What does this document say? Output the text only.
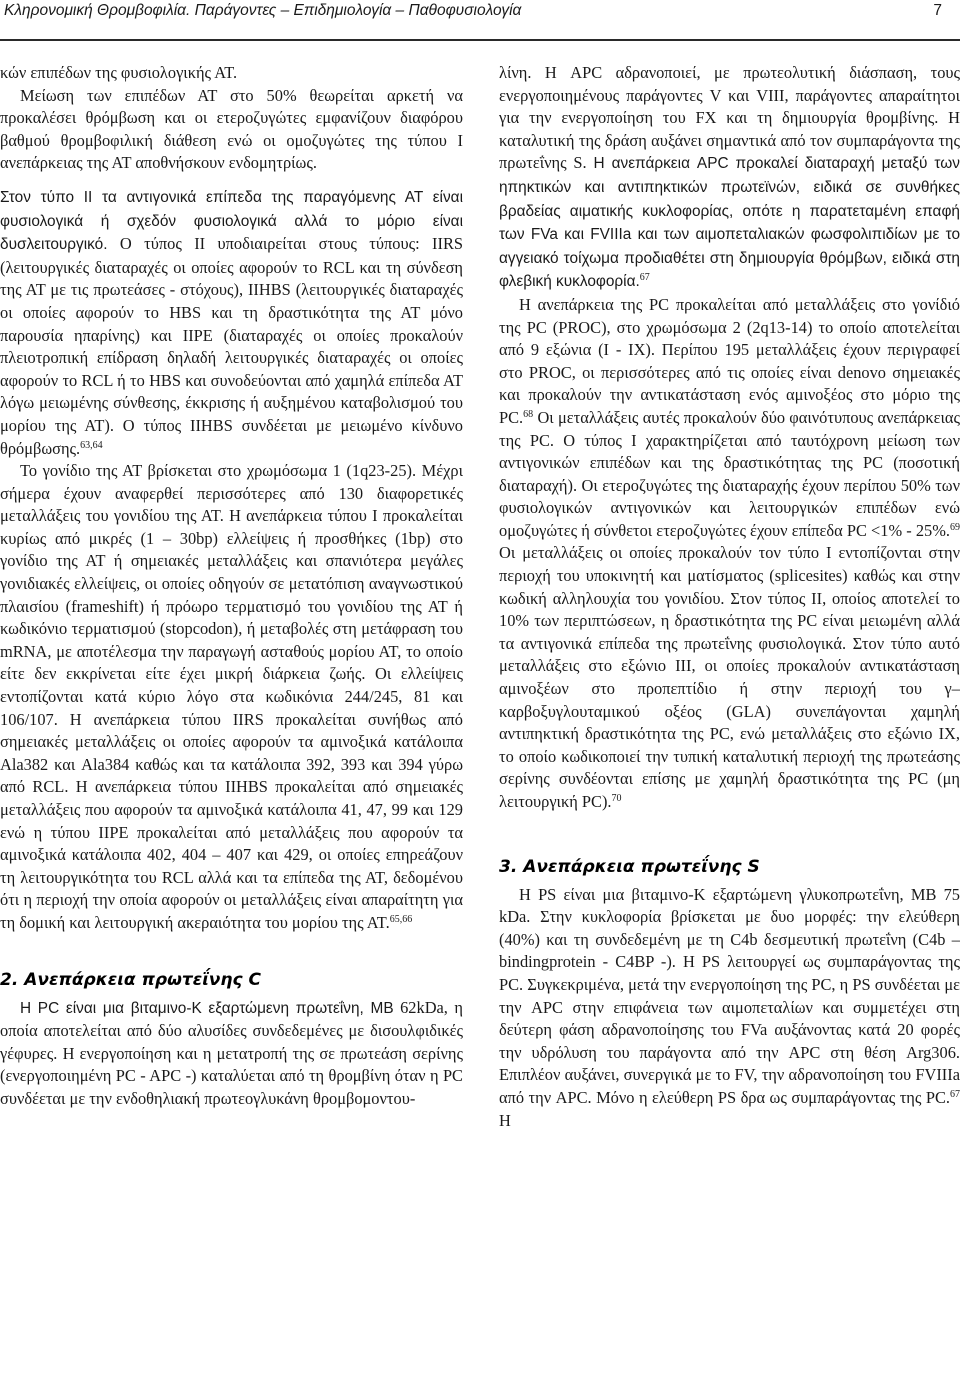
Κληρονομική Θρομβοφιλία. Παράγοντες – Επιδημιολογία – Παθοφυσιολογία	7

κών επιπέδων της φυσιολογικής ΑΤ.

Μείωση των επιπέδων ΑΤ στο 50% θεωρείται αρκετή να προκαλέσει θρόμβωση και οι ετεροζυγώτες εμφανίζουν διαφόρου βαθμού θρομβοφιλική διάθεση ενώ οι ομοζυγώτες της τύπου I ανεπάρκειας της ΑΤ αποθνήσκουν ενδομητρίως.

Στον τύπο II τα αντιγονικά επίπεδα της παραγόμενης ΑΤ είναι φυσιολογικά ή σχεδόν φυσιολογικά αλλά το μόριο είναι δυσλειτουργικό. Ο τύπος II υποδιαιρείται στους τύπους: IIRS (λειτουργικές διαταραχές οι οποίες αφορούν το RCL και τη σύνδεση της ΑΤ με τις πρωτεάσες - στόχους), IIHBS (λειτουργικές διαταραχές οι οποίες αφορούν το HBS και τη δραστικότητα της ΑΤ μόνο παρουσία ηπαρίνης) και IIPE (διαταραχές οι οποίες προκαλούν πλειοτροπική επίδραση δηλαδή λειτουργικές διαταραχές οι οποίες αφορούν το RCL ή το HBS και συνοδεύονται από χαμηλά επίπεδα ΑΤ λόγω μειωμένης σύνθεσης, έκκρισης ή αυξημένου καταβολισμού του μορίου της ΑΤ). Ο τύπος IIHBS συνδέεται με μειωμένο κίνδυνο θρόμβωσης.$^{63,64}$

Το γονίδιο της ΑΤ βρίσκεται στο χρωμόσωμα 1 (1q23-25). Μέχρι σήμερα έχουν αναφερθεί περισσότερες από 130 διαφορετικές μεταλλάξεις του γονιδίου της ΑΤ. Η ανεπάρκεια τύπου I προκαλείται κυρίως από μικρές (1 – 30bp) ελλείψεις ή προσθήκες (1bp) στο γονίδιο της ΑΤ ή σημειακές μεταλλάξεις και σπανιότερα μεγάλες γονιδιακές ελλείψεις, οι οποίες οδηγούν σε μετατόπιση αναγνωστικού πλαισίου (frameshift) ή πρόωρο τερματισμό του γονιδίου της ΑΤ ή κωδικόνιο τερματισμού (stopcodon), ή μεταβολές στη μετάφραση του mRNA, με αποτέλεσμα την παραγωγή ασταθούς μορίου ΑΤ, το οποίο είτε δεν εκκρίνεται είτε έχει μικρή διάρκεια ζωής. Οι ελλείψεις εντοπίζονται κατά κύριο λόγο στα κωδικόνια 244/245, 81 και 106/107. Η ανεπάρκεια τύπου IIRS προκαλείται συνήθως από σημειακές μεταλλάξεις οι οποίες αφορούν τα αμινοξικά κατάλοιπα Ala382 και Ala384 καθώς και τα κατάλοιπα 392, 393 και 394 γύρω από RCL. Η ανεπάρκεια τύπου IIHBS προκαλείται από σημειακές μεταλλάξεις που αφορούν τα αμινοξικά κατάλοιπα 41, 47, 99 και 129 ενώ η τύπου IIPE προκαλείται από μεταλλάξεις που αφορούν τα αμινοξικά κατάλοιπα 402, 404 – 407 και 429, οι οποίες επηρεάζουν τη λειτουργικότητα του RCL αλλά και τα επίπεδα της ΑΤ, δεδομένου ότι η περιοχή την οποία αφορούν οι μεταλλάξεις είναι απαραίτητη για τη δομική και λειτουργική ακεραιότητα του μορίου της ΑΤ.$^{65,66}$

2. Ανεπάρκεια πρωτεΐνης C

Η PC είναι μια βιταμινο-Κ εξαρτώμενη πρωτεΐνη, ΜΒ 62kDa, η οποία αποτελείται από δύο αλυσίδες συνδεδεμένες με δισουλφιδικές γέφυρες. Η ενεργοποίηση και η μετατροπή της σε πρωτεάση σερίνης (ενεργοποιημένη PC - APC -) καταλύεται από τη θρομβίνη όταν η PC συνδέεται με την ενδοθηλιακή πρωτεογλυκάνη θρομβομοντου-

λίνη. Η APC αδρανοποιεί, με πρωτεολυτική διάσπαση, τους ενεργοποιημένους παράγοντες V και VIII, παράγοντες απαραίτητοι για την ενεργοποίηση του FX και τη δημιουργία θρομβίνης. Η καταλυτική της δράση αυξάνει σημαντικά από τον συμπαράγοντα της πρωτεΐνης S. Η ανεπάρκεια APC προκαλεί διαταραχή μεταξύ των ηπηκτικών και αντιπηκτικών πρωτεϊνών, ειδικά σε συνθήκες βραδείας αιματικής κυκλοφορίας, οπότε η παρατεταμένη επαφή των FVa και FVIIIa και των αιμοπεταλιακών φωσφολιπιδίων με το αγγειακό τοίχωμα προδιαθέτει στη δημιουργία θρόμβων, ειδικά στη φλεβική κυκλοφορία.$^{67}$

Η ανεπάρκεια της PC προκαλείται από μεταλλάξεις στο γονίδιό της PC (PROC), στο χρωμόσωμα 2 (2q13-14) το οποίο αποτελείται από 9 εξώνια (I - IX). Περίπου 195 μεταλλάξεις έχουν περιγραφεί στο PROC, οι περισσότερες από τις οποίες είναι denovo σημειακές και προκαλούν την αντικατάσταση ενός αμινοξέος στο μόριο της PC.$^{68}$ Οι μεταλλάξεις αυτές προκαλούν δύο φαινότυπους ανεπάρκειας της PC. Ο τύπος I χαρακτηρίζεται από ταυτόχρονη μείωση των αντιγονικών επιπέδων και της δραστικότητας της PC (ποσοτική διαταραχή). Οι ετεροζυγώτες της διαταραχής έχουν περίπου 50% των φυσιολογικών αντιγονικών και λειτουργικών επιπέδων ενώ ομοζυγώτες ή σύνθετοι ετεροζυγώτες έχουν επίπεδα PC <1% - 25%.$^{69}$ Οι μεταλλάξεις οι οποίες προκαλούν τον τύπο I εντοπίζονται στην περιοχή του υποκινητή και ματίσματος (splicesites) καθώς και στην κωδική αλληλουχία του γονιδίου. Στον τύπος II, οποίος αποτελεί το 10% των περιπτώσεων, η δραστικότητα της PC είναι μειωμένη αλλά τα αντιγονικά επίπεδα της πρωτεΐνης φυσιολογικά. Στον τύπο αυτό μεταλλάξεις στο εξώνιο III, οι οποίες προκαλούν αντικατάσταση αμινοξέων στο προπεπτίδιο ή στην περιοχή του γ–καρβοξυγλουταμικού οξέος (GLA) συνεπάγονται χαμηλή αντιπηκτική δραστικότητα της PC, ενώ μεταλλάξεις στο εξώνιο IX, το οποίο κωδικοποιεί την τυπική καταλυτική περιοχή της πρωτεάσης σερίνης συνδέονται επίσης με χαμηλή δραστικότητα της PC (μη λειτουργική PC).$^{70}$

3. Ανεπάρκεια πρωτεΐνης S

Η PS είναι μια βιταμινο-Κ εξαρτώμενη γλυκοπρωτεΐνη, ΜΒ 75 kDa. Στην κυκλοφορία βρίσκεται με δυο μορφές: την ελεύθερη (40%) και τη συνδεδεμένη με τη C4b δεσμευτική πρωτεΐνη (C4b – bindingprotein - C4BP -). Η PS λειτουργεί ως συμπαράγοντας της PC. Συγκεκριμένα, μετά την ενεργοποίηση της PC, η PS συνδέεται με την APC στην επιφάνεια των αιμοπεταλίων και συμμετέχει στη δεύτερη φάση αδρανοποίησης του FVa αυξάνοντας κατά 20 φορές την υδρόλυση του παράγοντα από την APC στη θέση Arg306. Επιπλέον αυξάνει, συνεργικά με το FV, την αδρανοποίηση του FVIIIa από την APC. Μόνο η ελεύθερη PS δρα ως συμπαράγοντας της PC.$^{67}$ Η
